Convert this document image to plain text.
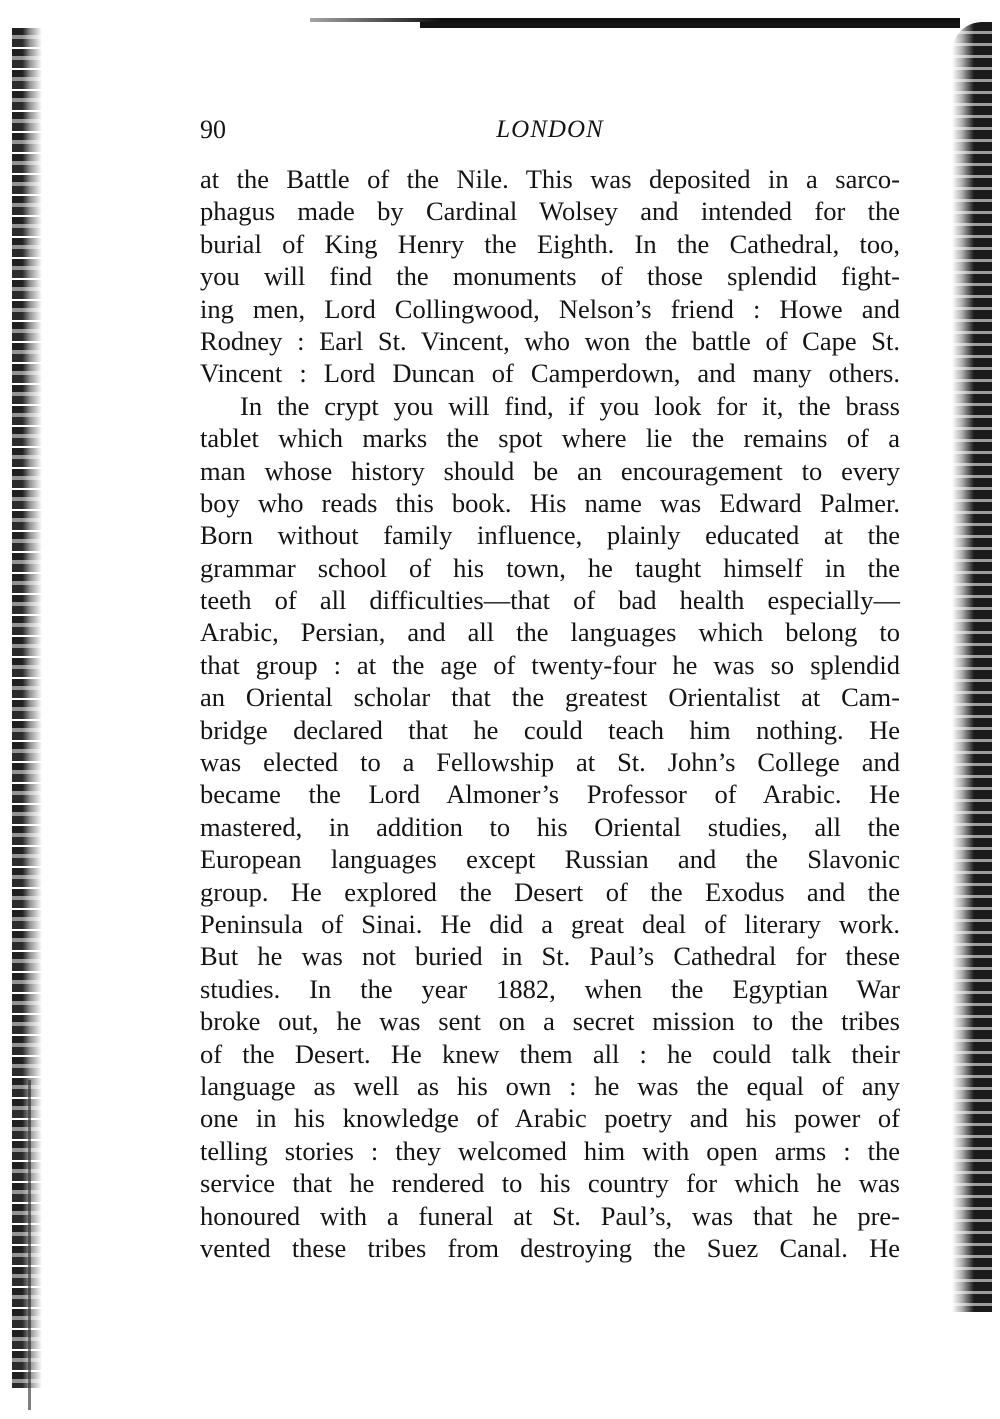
90	LONDON
at the Battle of the Nile. This was deposited in a sarco-
phagus made by Cardinal Wolsey and intended for the
burial of King Henry the Eighth. In the Cathedral, too,
you will find the monuments of those splendid fight-
ing men, Lord Collingwood, Nelson’s friend : Howe and
Rodney : Earl St. Vincent, who won the battle of Cape St.
Vincent : Lord Duncan of Camperdown, and many others.
In the crypt you will find, if you look for it, the brass
tablet which marks the spot where lie the remains of a
man whose history should be an encouragement to every
boy who reads this book. His name was Edward Palmer.
Born without family influence, plainly educated at the
grammar school of his town, he taught himself in the
teeth of all difficulties—that of bad health especially—
Arabic, Persian, and all the languages which belong to
that group : at the age of twenty-four he was so splendid
an Oriental scholar that the greatest Orientalist at Cam-
bridge declared that he could teach him nothing. He
was elected to a Fellowship at St. John’s College and
became the Lord Almoner’s Professor of Arabic. He
mastered, in addition to his Oriental studies, all the
European languages except Russian and the Slavonic
group. He explored the Desert of the Exodus and the
Peninsula of Sinai. He did a great deal of literary work.
But he was not buried in St. Paul’s Cathedral for these
studies. In the year 1882, when the Egyptian War
broke out, he was sent on a secret mission to the tribes
of the Desert. He knew them all : he could talk their
language as well as his own : he was the equal of any
one in his knowledge of Arabic poetry and his power of
telling stories : they welcomed him with open arms : the
service that he rendered to his country for which he was
honoured with a funeral at St. Paul’s, was that he pre-
vented these tribes from destroying the Suez Canal. He
